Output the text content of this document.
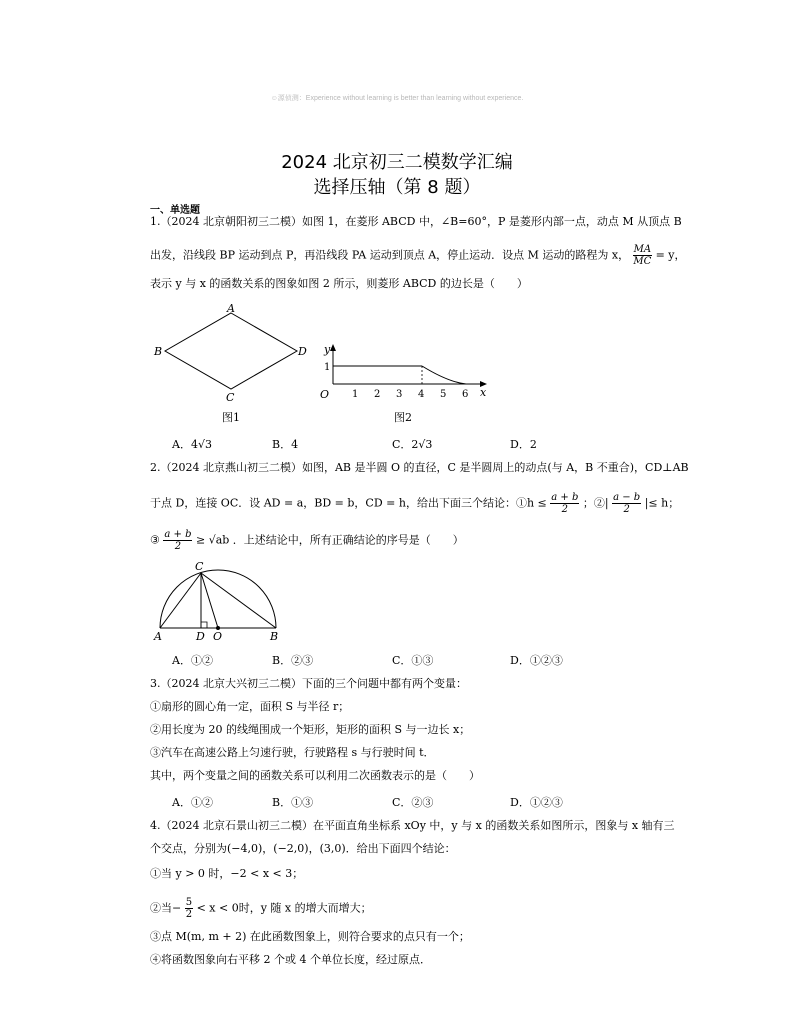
☺源侦测：Experience without learning is better than learning without experience.
2024 北京初三二模数学汇编
选择压轴（第 8 题）
一、单选题
1.（2024 北京朝阳初三二模）如图 1，在菱形 ABCD 中，∠B=60°，P 是菱形内部一点，动点 M 从顶点 B
出发，沿线段 BP 运动到点 P，再沿线段 PA 运动到顶点 A，停止运动．设点 M 运动的路程为 x， $\frac{MA}{MC} = y$，
表示 y 与 x 的函数关系的图象如图 2 所示，则菱形 ABCD 的边长是（　　）
A
B
C
D
图1
y
1
O	x
1 2 3 4 5 6
图2
A．4√3	B．4	C．2√3	D．2
2.（2024 北京燕山初三二模）如图，AB 是半圆 O 的直径，C 是半圆周上的动点(与 A，B 不重合)，CD⊥AB
于点 D，连接 OC．设 AD = a，BD = b，CD = h，给出下面三个结论：①h ≤ $\frac{a + b}{2}$ ；②| $\frac{a - b}{2}$ |≤ h；
③ $\frac{a + b}{2} \ge √ab$ ．上述结论中，所有正确结论的序号是（　　）
C
A	D O	B
A．①②	B．②③	C．①③	D．①②③
3.（2024 北京大兴初三二模）下面的三个问题中都有两个变量：
①扇形的圆心角一定，面积 S 与半径 r；
②用长度为 20 的线绳围成一个矩形，矩形的面积 S 与一边长 x；
③汽车在高速公路上匀速行驶，行驶路程 s 与行驶时间 t．
其中，两个变量之间的函数关系可以利用二次函数表示的是（　　）
A．①②	B．①③	C．②③	D．①②③
4.（2024 北京石景山初三二模）在平面直角坐标系 xOy 中，y 与 x 的函数关系如图所示，图象与 x 轴有三
个交点，分别为(−4,0)，(−2,0)，(3,0)．给出下面四个结论：
①当 y > 0 时，−2 < x < 3；
②当− $\frac{5}{2} < x < 0$时，y 随 x 的增大而增大；
③点 M(m, m + 2) 在此函数图象上，则符合要求的点只有一个；
④将函数图象向右平移 2 个或 4 个单位长度，经过原点．
